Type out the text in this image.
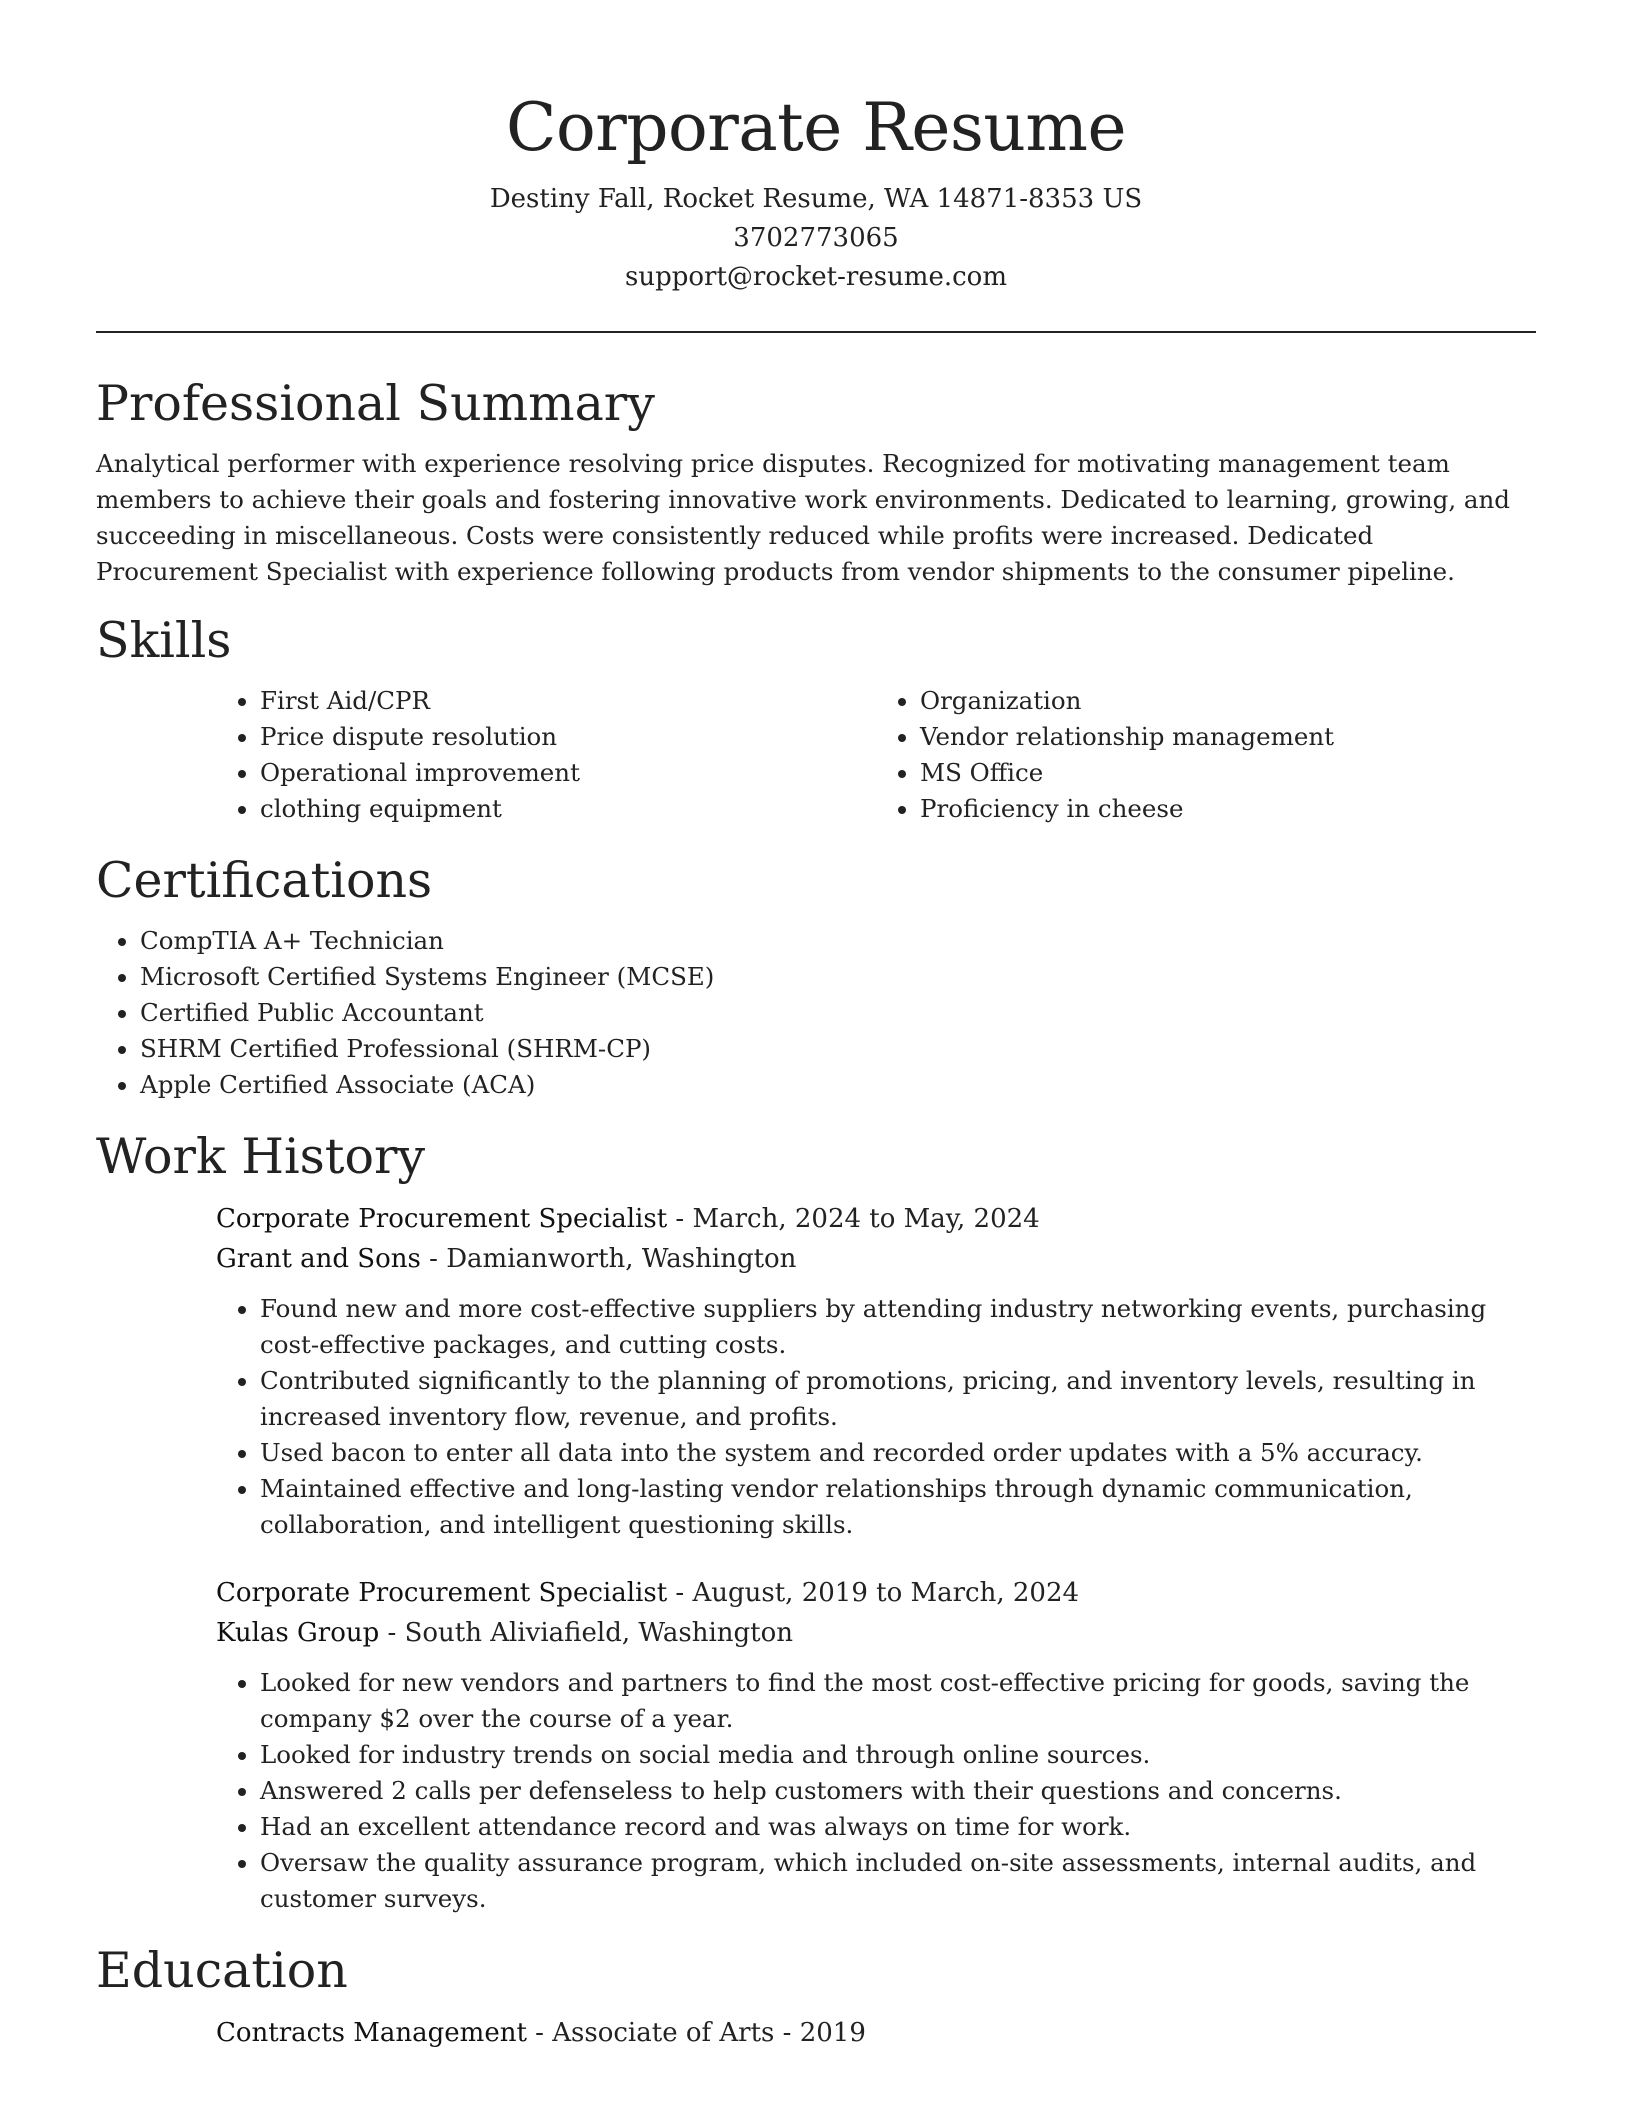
Corporate Resume

Destiny Fall, Rocket Resume, WA 14871-8353 US

3702773065

support@rocket-resume.com

Professional Summary

Analytical performer with experience resolving price disputes. Recognized for motivating management team members to achieve their goals and fostering innovative work environments. Dedicated to learning, growing, and succeeding in miscellaneous. Costs were consistently reduced while profits were increased. Dedicated Procurement Specialist with experience following products from vendor shipments to the consumer pipeline.

Skills
• First Aid/CPR
• Price dispute resolution
• Operational improvement
• clothing equipment
• Organization
• Vendor relationship management
• MS Office
• Proficiency in cheese
Certifications
• CompTIA A+ Technician
• Microsoft Certified Systems Engineer (MCSE)
• Certified Public Accountant
• SHRM Certified Professional (SHRM-CP)
• Apple Certified Associate (ACA)
Work History

Corporate Procurement Specialist - March, 2024 to May, 2024

Grant and Sons - Damianworth, Washington

• Found new and more cost-effective suppliers by attending industry networking events, purchasing cost-effective packages, and cutting costs.
• Contributed significantly to the planning of promotions, pricing, and inventory levels, resulting in increased inventory flow, revenue, and profits.
• Used bacon to enter all data into the system and recorded order updates with a 5% accuracy.
• Maintained effective and long-lasting vendor relationships through dynamic communication, collaboration, and intelligent questioning skills.

Corporate Procurement Specialist - August, 2019 to March, 2024

Kulas Group - South Aliviafield, Washington

• Looked for new vendors and partners to find the most cost-effective pricing for goods, saving the company $2 over the course of a year.
• Looked for industry trends on social media and through online sources.
• Answered 2 calls per defenseless to help customers with their questions and concerns.
• Had an excellent attendance record and was always on time for work.
• Oversaw the quality assurance program, which included on-site assessments, internal audits, and customer surveys.
Education

Contracts Management - Associate of Arts - 2019
